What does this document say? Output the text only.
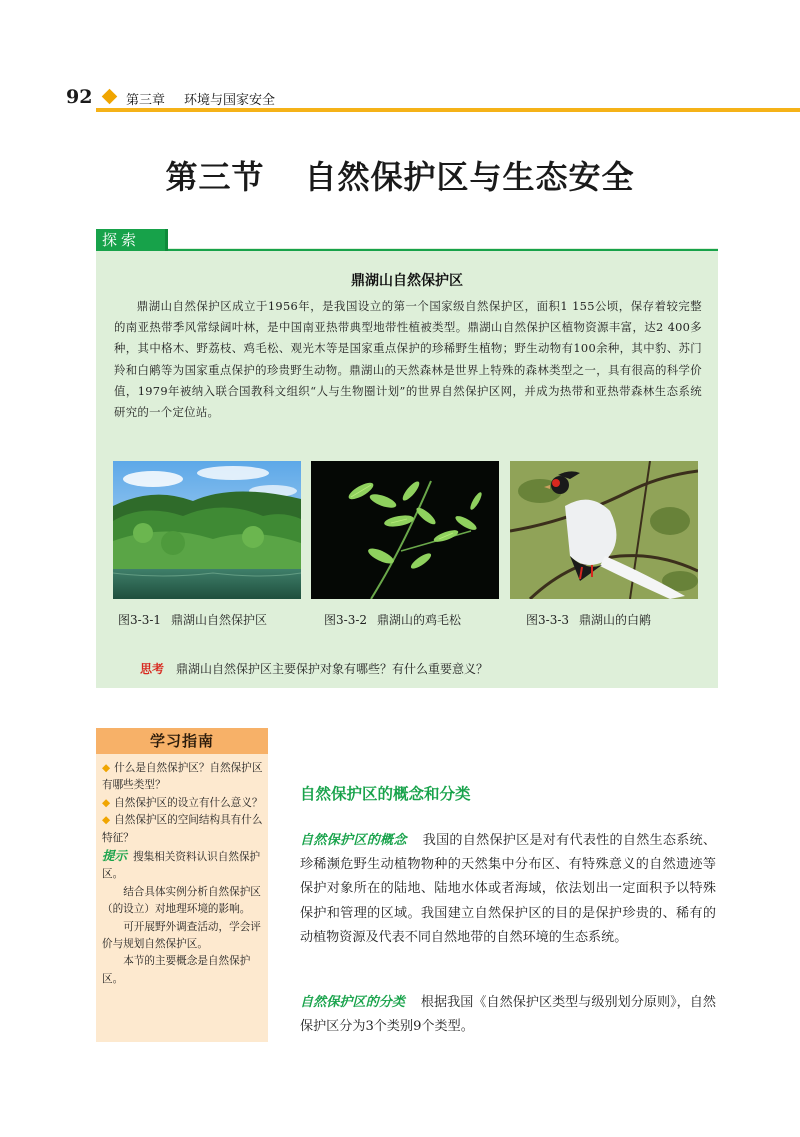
92	第三章 环境与国家安全
第三节 自然保护区与生态安全
探索
鼎湖山自然保护区
鼎湖山自然保护区成立于1956年，是我国设立的第一个国家级自然保护区，面积1 155公顷，保存着较完整的南亚热带季风常绿阔叶林，是中国南亚热带典型地带性植被类型。鼎湖山自然保护区植物资源丰富，达2 400多种，其中格木、野荔枝、鸡毛松、观光木等是国家重点保护的珍稀野生植物；野生动物有100余种，其中豹、苏门羚和白鹇等为国家重点保护的珍贵野生动物。鼎湖山的天然森林是世界上特殊的森林类型之一，具有很高的科学价值，1979年被纳入联合国教科文组织“人与生物圈计划”的世界自然保护区网，并成为热带和亚热带森林生态系统研究的一个定位站。
图3-3-1 鼎湖山自然保护区	图3-3-2 鼎湖山的鸡毛松	图3-3-3 鼎湖山的白鹇
思考 鼎湖山自然保护区主要保护对象有哪些？有什么重要意义？
学习指南

◆ 什么是自然保护区？自然保护区有哪些类型？

◆ 自然保护区的设立有什么意义？

◆ 自然保护区的空间结构具有什么特征？

提示 搜集相关资料认识自然保护区。

结合具体实例分析自然保护区（的设立）对地理环境的影响。

可开展野外调查活动，学会评价与规划自然保护区。

本节的主要概念是自然保护区。

自然保护区的概念和分类
自然保护区的概念 我国的自然保护区是对有代表性的自然生态系统、珍稀濒危野生动植物物种的天然集中分布区、有特殊意义的自然遗迹等保护对象所在的陆地、陆地水体或者海域，依法划出一定面积予以特殊保护和管理的区域。我国建立自然保护区的目的是保护珍贵的、稀有的动植物资源及代表不同自然地带的自然环境的生态系统。
自然保护区的分类 根据我国《自然保护区类型与级别划分原则》，自然保护区分为3个类别9个类型。
